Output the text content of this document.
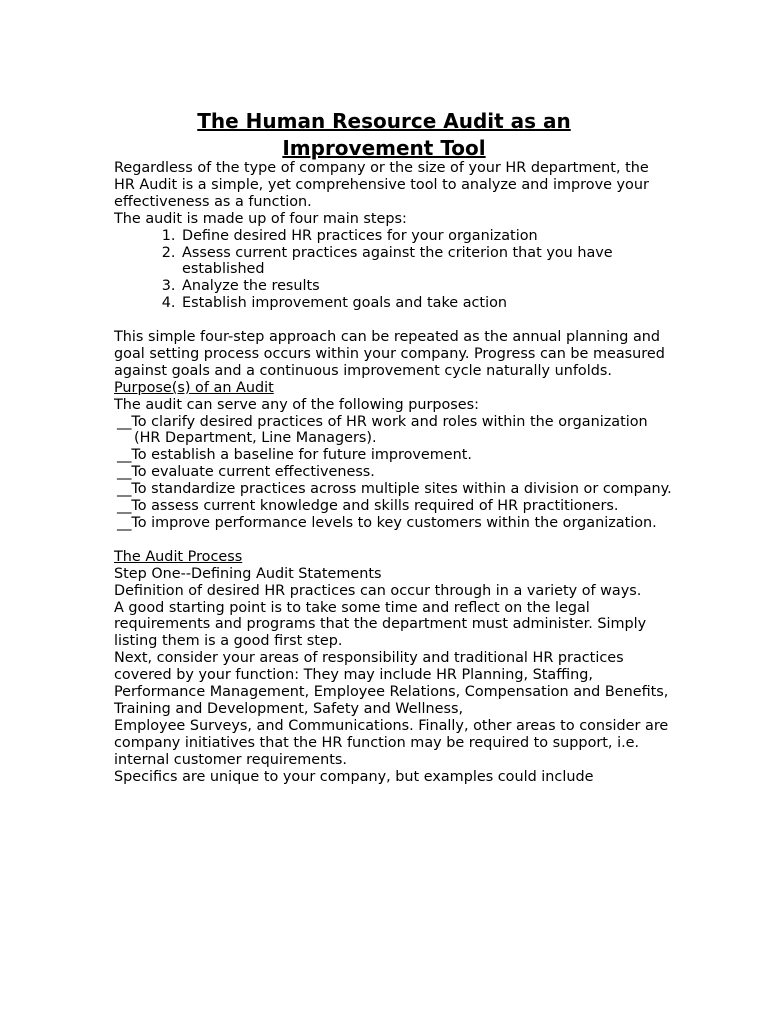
The Human Resource Audit as an
Improvement Tool

Regardless of the type of company or the size of your HR department, the HR Audit is a simple, yet comprehensive tool to analyze and improve your effectiveness as a function.

The audit is made up of four main steps:

1. Define desired HR practices for your organization
2. Assess current practices against the criterion that you have established
3. Analyze the results
4. Establish improvement goals and take action

This simple four-step approach can be repeated as the annual planning and goal setting process occurs within your company. Progress can be measured against goals and a continuous improvement cycle naturally unfolds.

Purpose(s) of an Audit

The audit can serve any of the following purposes:

__To clarify desired practices of HR work and roles within the organization (HR Department, Line Managers).

__To establish a baseline for future improvement.

__To evaluate current effectiveness.

__To standardize practices across multiple sites within a division or company.

__To assess current knowledge and skills required of HR practitioners.

__To improve performance levels to key customers within the organization.

The Audit Process

Step One--Defining Audit Statements

Definition of desired HR practices can occur through in a variety of ways.

A good starting point is to take some time and reflect on the legal requirements and programs that the department must administer. Simply listing them is a good first step.

Next, consider your areas of responsibility and traditional HR practices covered by your function: They may include HR Planning, Staffing, Performance Management, Employee Relations, Compensation and Benefits, Training and Development, Safety and Wellness,

Employee Surveys, and Communications. Finally, other areas to consider are company initiatives that the HR function may be required to support, i.e. internal customer requirements.

Specifics are unique to your company, but examples could include
